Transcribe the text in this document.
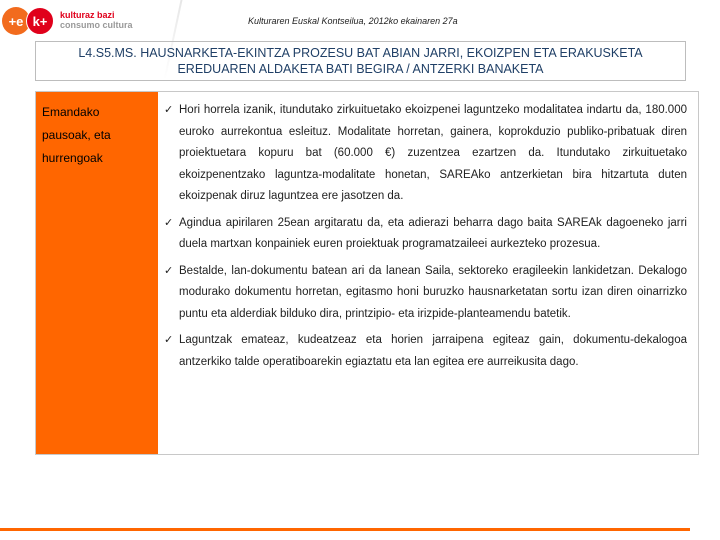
+e k+	kulturaz bazi
consumo cultura	Kulturaren Euskal Kontseilua, 2012ko ekainaren 27a
L4.S5.MS. HAUSNARKETA-EKINTZA PROZESU BAT ABIAN JARRI, EKOIZPEN ETA ERAKUSKETA EREDUAREN ALDAKETA BATI BEGIRA / ANTZERKI BANAKETA
Emandako
pausoak, eta
hurrengoak
✓ Hori horrela izanik, itundutako zirkuituetako ekoizpenei laguntzeko modalitatea indartu da, 180.000 euroko aurrekontua esleituz. Modalitate horretan, gainera, koprokduzio publiko-pribatuak diren proiektuetara kopuru bat (60.000 €) zuzentzea ezartzen da. Itundutako zirkuituetako ekoizpenentzako laguntza-modalitate honetan, SAREAko antzerkietan bira hitzartuta duten ekoizpenak diruz laguntzea ere jasotzen da.
✓ Agindua apirilaren 25ean argitaratu da, eta adierazi beharra dago baita SAREAk dagoeneko jarri duela martxan konpainiek euren proiektuak programatzaileei aurkezteko prozesua.
✓ Bestalde, lan-dokumentu batean ari da lanean Saila, sektoreko eragileekin lankidetzan. Dekalogo modurako dokumentu horretan, egitasmo honi buruzko hausnarketatan sortu izan diren oinarrizko puntu eta alderdiak bilduko dira, printzipio- eta irizpide-planteamendu batetik.
✓ Laguntzak emateaz, kudeatzeaz eta horien jarraipena egiteaz gain, dokumentu-dekalogoa antzerkiko talde operatiboarekin egiaztatu eta lan egitea ere aurreikusita dago.
